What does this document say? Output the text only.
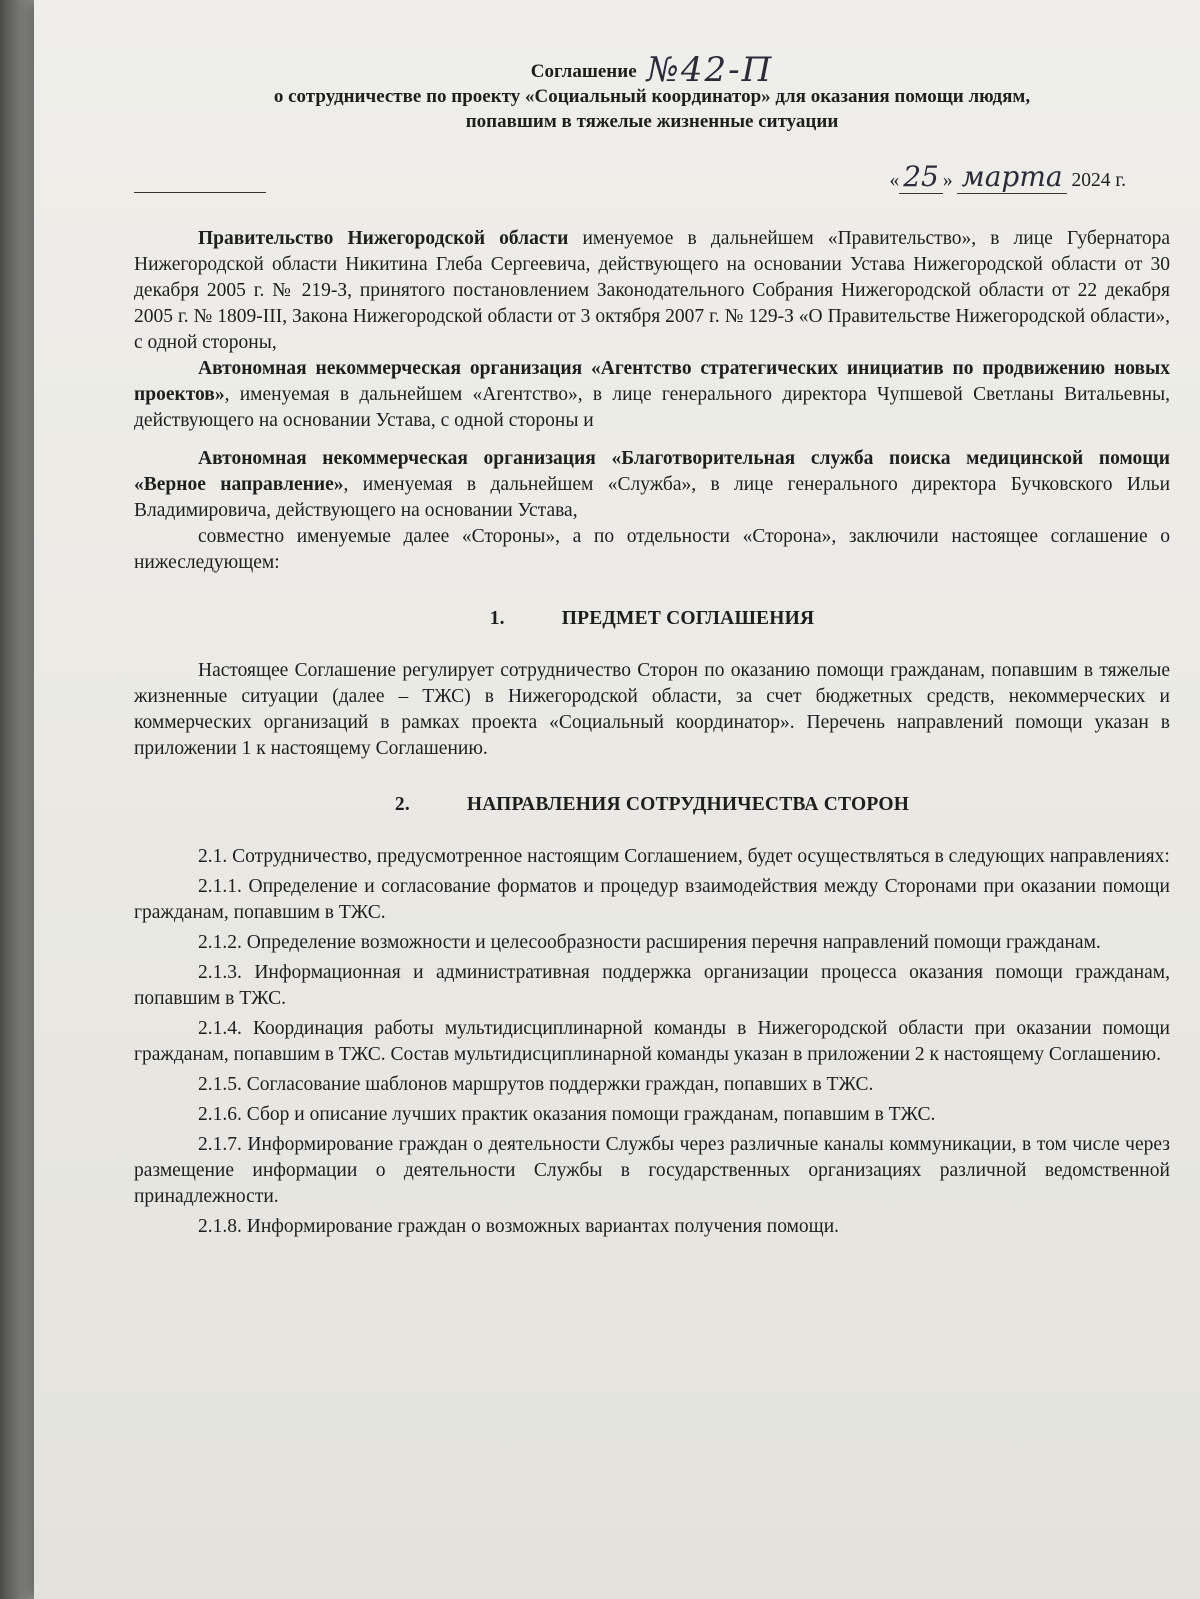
Соглашение №42-П
о сотрудничестве по проекту «Социальный координатор» для оказания помощи людям,
попавшим в тяжелые жизненные ситуации
« 25 » марта 2024 г.

Правительство Нижегородской области именуемое в дальнейшем «Правительство», в лице Губернатора Нижегородской области Никитина Глеба Сергеевича, действующего на основании Устава Нижегородской области от 30 декабря 2005 г. № 219-З, принятого постановлением Законодательного Собрания Нижегородской области от 22 декабря 2005 г. № 1809-III, Закона Нижегородской области от 3 октября 2007 г. № 129-З «О Правительстве Нижегородской области», с одной стороны,

Автономная некоммерческая организация «Агентство стратегических инициатив по продвижению новых проектов», именуемая в дальнейшем «Агентство», в лице генерального директора Чупшевой Светланы Витальевны, действующего на основании Устава, с одной стороны и

Автономная некоммерческая организация «Благотворительная служба поиска медицинской помощи «Верное направление», именуемая в дальнейшем «Служба», в лице генерального директора Бучковского Ильи Владимировича, действующего на основании Устава,

совместно именуемые далее «Стороны», а по отдельности «Сторона», заключили настоящее соглашение о нижеследующем:

1.	ПРЕДМЕТ СОГЛАШЕНИЯ

Настоящее Соглашение регулирует сотрудничество Сторон по оказанию помощи гражданам, попавшим в тяжелые жизненные ситуации (далее – ТЖС) в Нижегородской области, за счет бюджетных средств, некоммерческих и коммерческих организаций в рамках проекта «Социальный координатор». Перечень направлений помощи указан в приложении 1 к настоящему Соглашению.

2.	НАПРАВЛЕНИЯ СОТРУДНИЧЕСТВА СТОРОН

2.1. Сотрудничество, предусмотренное настоящим Соглашением, будет осуществляться в следующих направлениях:

2.1.1. Определение и согласование форматов и процедур взаимодействия между Сторонами при оказании помощи гражданам, попавшим в ТЖС.

2.1.2. Определение возможности и целесообразности расширения перечня направлений помощи гражданам.

2.1.3. Информационная и административная поддержка организации процесса оказания помощи гражданам, попавшим в ТЖС.

2.1.4. Координация работы мультидисциплинарной команды в Нижегородской области при оказании помощи гражданам, попавшим в ТЖС. Состав мультидисциплинарной команды указан в приложении 2 к настоящему Соглашению.

2.1.5. Согласование шаблонов маршрутов поддержки граждан, попавших в ТЖС.

2.1.6. Сбор и описание лучших практик оказания помощи гражданам, попавшим в ТЖС.

2.1.7. Информирование граждан о деятельности Службы через различные каналы коммуникации, в том числе через размещение информации о деятельности Службы в государственных организациях различной ведомственной принадлежности.

2.1.8. Информирование граждан о возможных вариантах получения помощи.
